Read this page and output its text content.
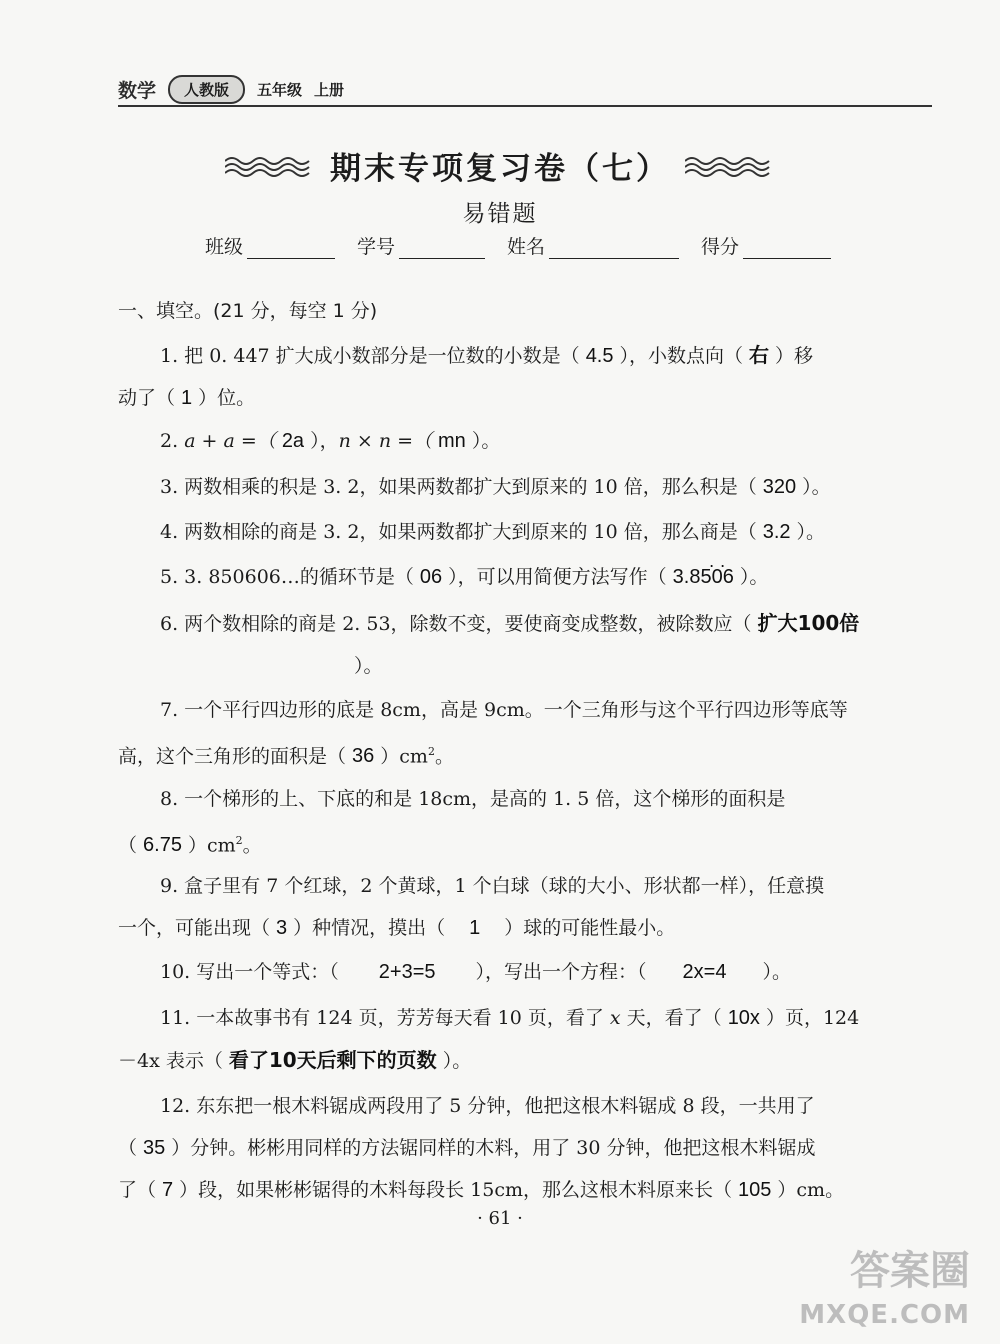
数学	人教版	五年级 上册
期末专项复习卷（七）
易错题
班级	学号	姓名	得分
一、填空。(21 分，每空 1 分)
1. 把 0. 447 扩大成小数部分是一位数的小数是（ 4.5 ），小数点向（ 右 ）移
动了（ 1 ）位。
2. a + a =（ 2a ），n × n =（ mn ）。
3. 两数相乘的积是 3. 2，如果两数都扩大到原来的 10 倍，那么积是（ 320 ）。
4. 两数相除的商是 3. 2，如果两数都扩大到原来的 10 倍，那么商是（ 3.2 ）。
5. 3. 850606…的循环节是（ 06 ），可以用简便方法写作（· · 3.8506 ）。
6. 两个数相除的商是 2. 53，除数不变，要使商变成整数，被除数应（ 扩大100倍
）。
7. 一个平行四边形的底是 8cm，高是 9cm。一个三角形与这个平行四边形等底等
高，这个三角形的面积是（ 36 ）$cm^2$。
8. 一个梯形的上、下底的和是 18cm，是高的 1. 5 倍，这个梯形的面积是
（ 6.75 ）$cm^2$。
9. 盒子里有 7 个红球，2 个黄球，1 个白球（球的大小、形状都一样），任意摸
一个，可能出现（ 3 ）种情况，摸出（ 1 ）球的可能性最小。
10. 写出一个等式：（ 2+3=5 ），写出一个方程：（ 2x=4 ）。
11. 一本故事书有 124 页，芳芳每天看 10 页，看了 x 天，看了（ 10x ）页，124
－4x 表示（ 看了10天后剩下的页数 ）。
12. 东东把一根木料锯成两段用了 5 分钟，他把这根木料锯成 8 段，一共用了
（ 35 ）分钟。彬彬用同样的方法锯同样的木料，用了 30 分钟，他把这根木料锯成
了（ 7 ）段，如果彬彬锯得的木料每段长 15cm，那么这根木料原来长（ 105 ）cm。
· 61 ·
答案圈
MXQE.COM
